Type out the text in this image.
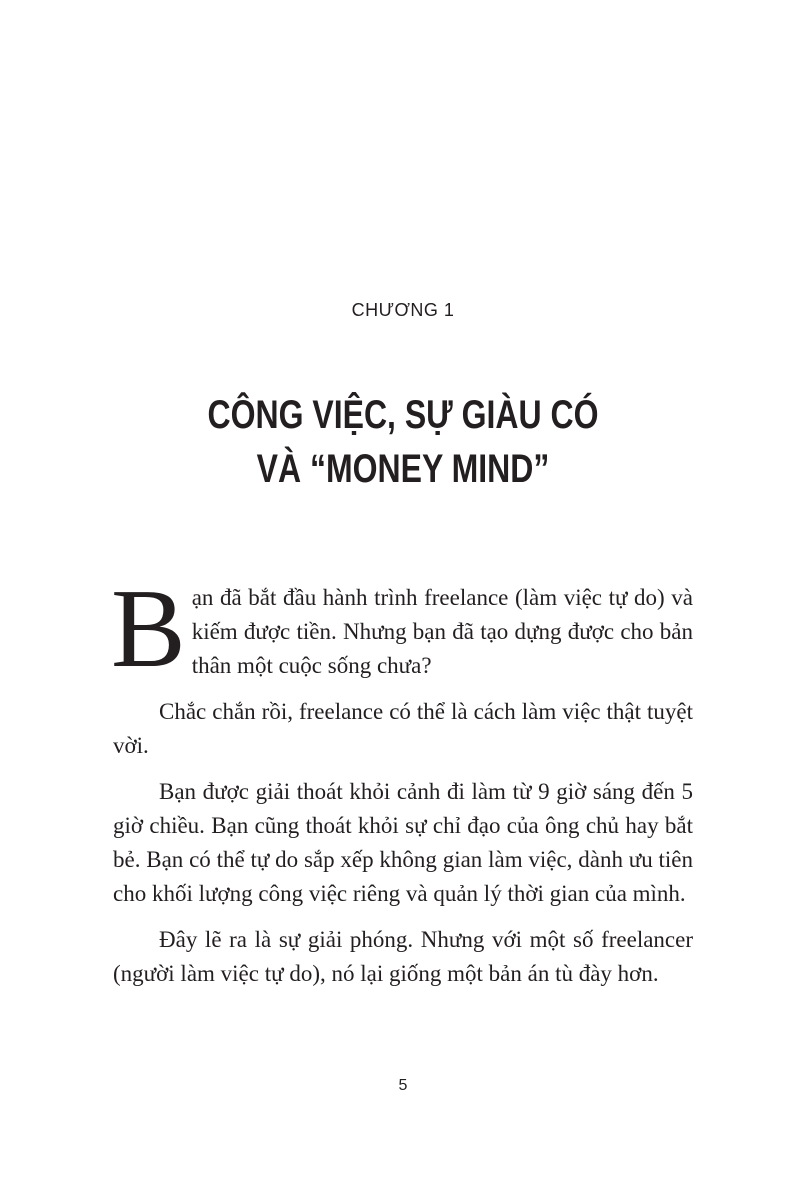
CHƯƠNG 1
CÔNG VIỆC, SỰ GIÀU CÓ
VÀ “MONEY MIND”

Bạn đã bắt đầu hành trình freelance (làm việc tự do) và kiếm được tiền. Nhưng bạn đã tạo dựng được cho bản thân một cuộc sống chưa?

Chắc chắn rồi, freelance có thể là cách làm việc thật tuyệt vời.

Bạn được giải thoát khỏi cảnh đi làm từ 9 giờ sáng đến 5 giờ chiều. Bạn cũng thoát khỏi sự chỉ đạo của ông chủ hay bắt bẻ. Bạn có thể tự do sắp xếp không gian làm việc, dành ưu tiên cho khối lượng công việc riêng và quản lý thời gian của mình.

Đây lẽ ra là sự giải phóng. Nhưng với một số freelancer (người làm việc tự do), nó lại giống một bản án tù đày hơn.

5
